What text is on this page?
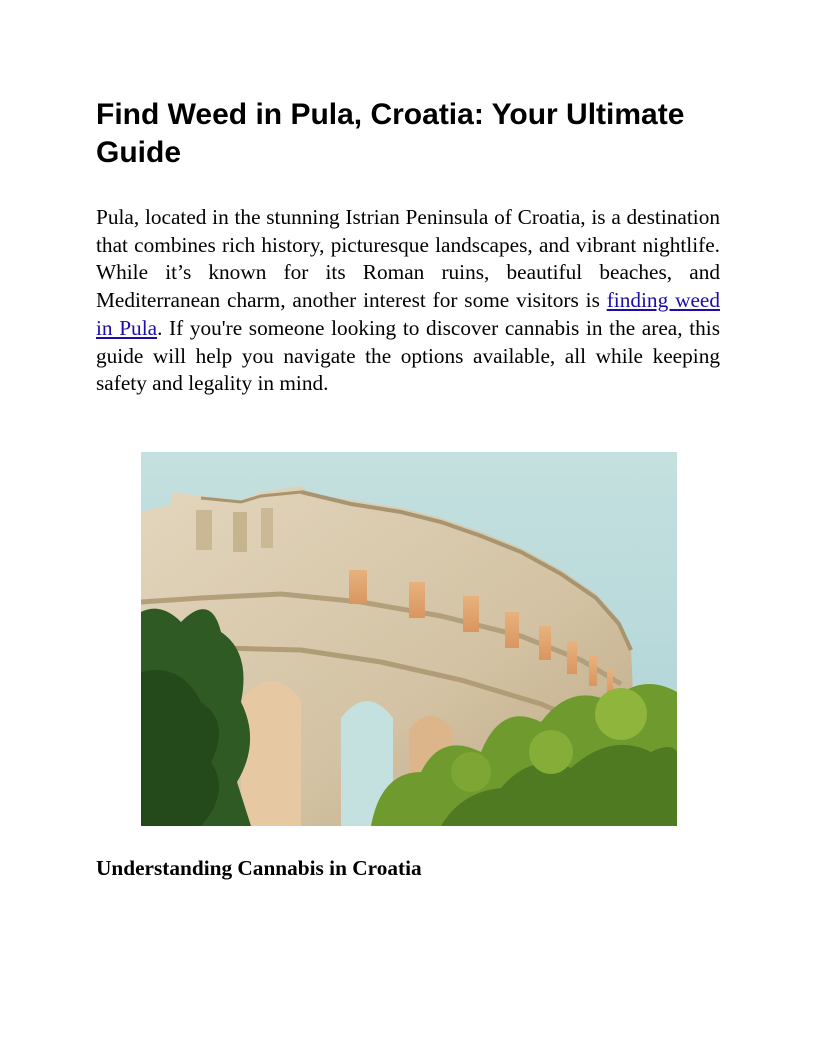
Find Weed in Pula, Croatia: Your Ultimate Guide

Pula, located in the stunning Istrian Peninsula of Croatia, is a destination that combines rich history, picturesque landscapes, and vibrant nightlife. While it’s known for its Roman ruins, beautiful beaches, and Mediterranean charm, another interest for some visitors is finding weed in Pula. If you're someone looking to discover cannabis in the area, this guide will help you navigate the options available, all while keeping safety and legality in mind.

Understanding Cannabis in Croatia
